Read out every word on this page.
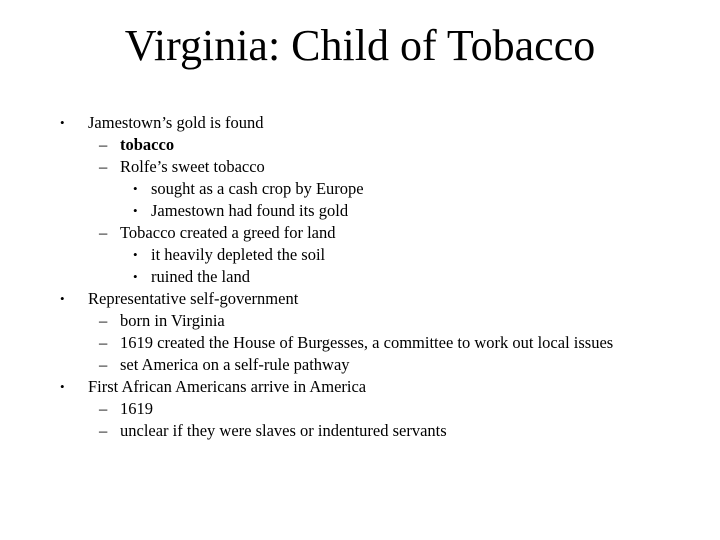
Virginia: Child of Tobacco
• Jamestown’s gold is found
– tobacco
– Rolfe’s sweet tobacco
• sought as a cash crop by Europe
• Jamestown had found its gold
– Tobacco created a greed for land
• it heavily depleted the soil
• ruined the land
• Representative self-government
– born in Virginia
– 1619 created the House of Burgesses, a committee to work out local issues
– set America on a self-rule pathway
• First African Americans arrive in America
– 1619
– unclear if they were slaves or indentured servants
